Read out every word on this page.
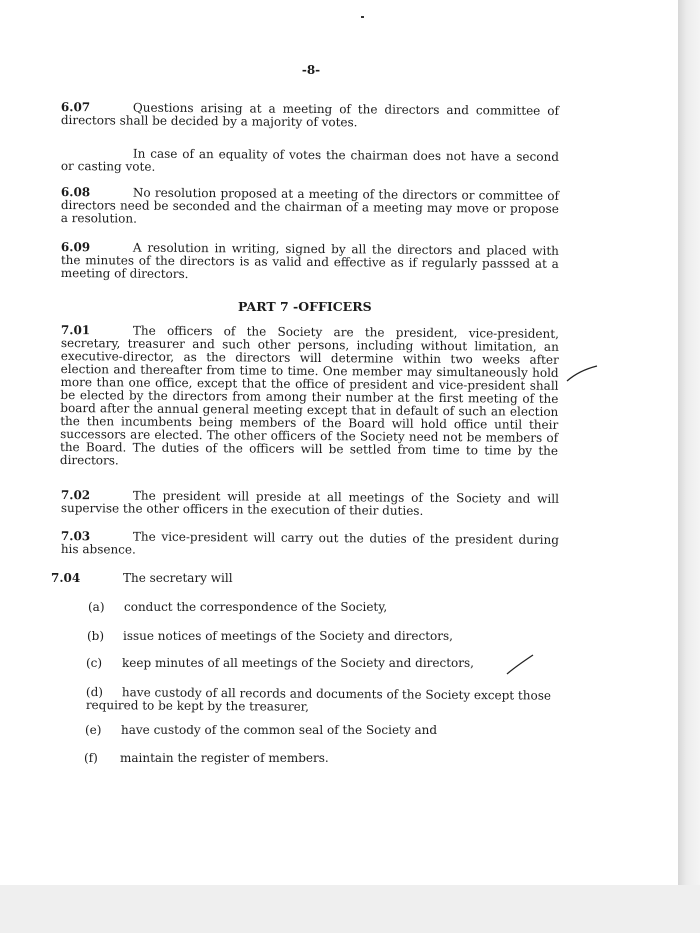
-8-
6.07	Questions arising at a meeting of the directors and committee of directors shall be decided by a majority of votes.
In case of an equality of votes the chairman does not have a second or casting vote.
6.08	No resolution proposed at a meeting of the directors or committee of directors need be seconded and the chairman of a meeting may move or propose a resolution.
6.09	A resolution in writing, signed by all the directors and placed with the minutes of the directors is as valid and effective as if regularly passsed at a meeting of directors.
PART 7 -OFFICERS
7.01	The officers of the Society are the president, vice-president, secretary, treasurer and such other persons, including without limitation, an executive-director, as the directors will determine within two weeks after election and thereafter from time to time. One member may simultaneously hold more than one office, except that the office of president and vice-president shall be elected by the directors from among their number at the first meeting of the board after the annual general meeting except that in default of such an election the then incumbents being members of the Board will hold office until their successors are elected. The other officers of the Society need not be members of the Board. The duties of the officers will be settled from time to time by the directors.
7.02	The president will preside at all meetings of the Society and will supervise the other officers in the execution of their duties.
7.03	The vice-president will carry out the duties of the president during his absence.
7.04	The secretary will
(a) conduct the correspondence of the Society,
(b) issue notices of meetings of the Society and directors,
(c) keep minutes of all meetings of the Society and directors,
(d) have custody of all records and documents of the Society except those required to be kept by the treasurer,
(e) have custody of the common seal of the Society and
(f) maintain the register of members.
